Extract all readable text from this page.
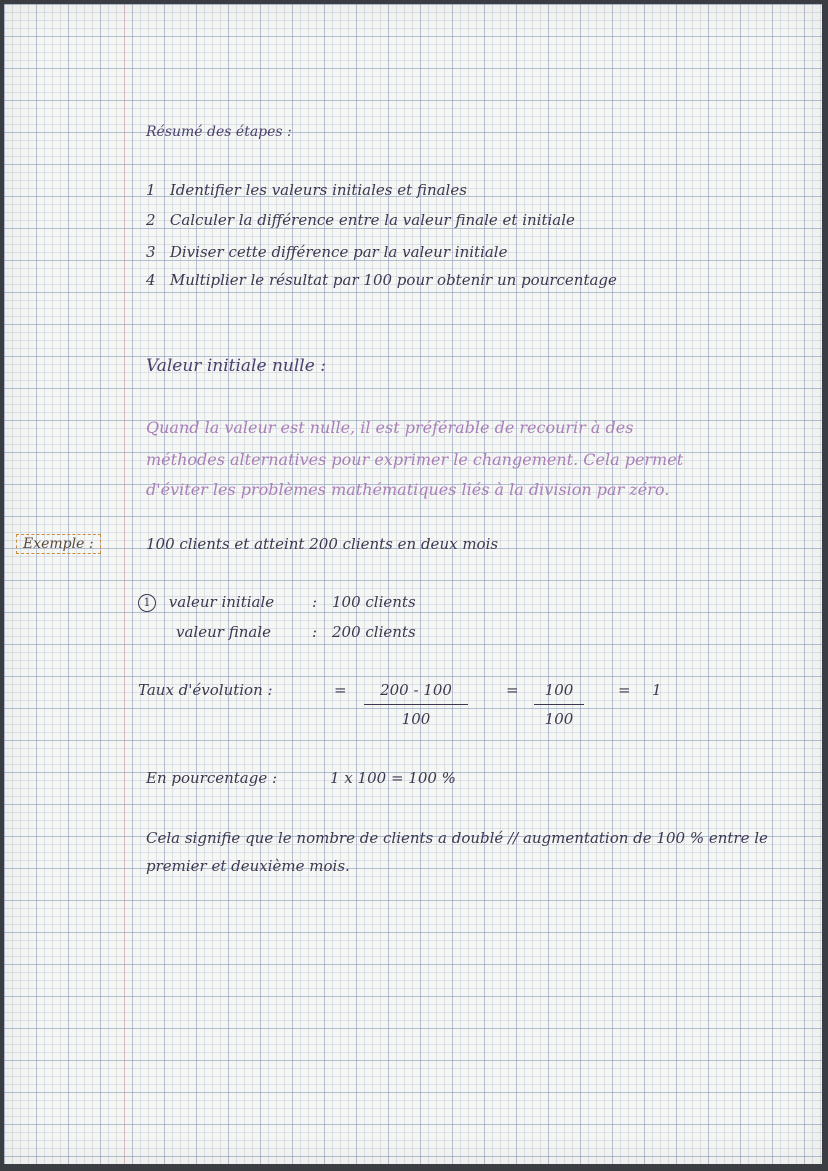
Résumé des étapes :
1 Identifier les valeurs initiales et finales
2 Calculer la différence entre la valeur finale et initiale
3 Diviser cette différence par la valeur initiale
4 Multiplier le résultat par 100 pour obtenir un pourcentage
Valeur initiale nulle :
Quand la valeur est nulle, il est préférable de recourir à des
méthodes alternatives pour exprimer le changement. Cela permet
d'éviter les problèmes mathématiques liés à la division par zéro.
Exemple :	100 clients et atteint 200 clients en deux mois
1 valeur initiale	: 100 clients
valeur finale	: 200 clients
Taux d'évolution :	=	200 - 100
100
=	100
100
= 1
En pourcentage :	1 x 100 = 100 %
Cela signifie que le nombre de clients a doublé // augmentation de 100 % entre le
premier et deuxième mois.
